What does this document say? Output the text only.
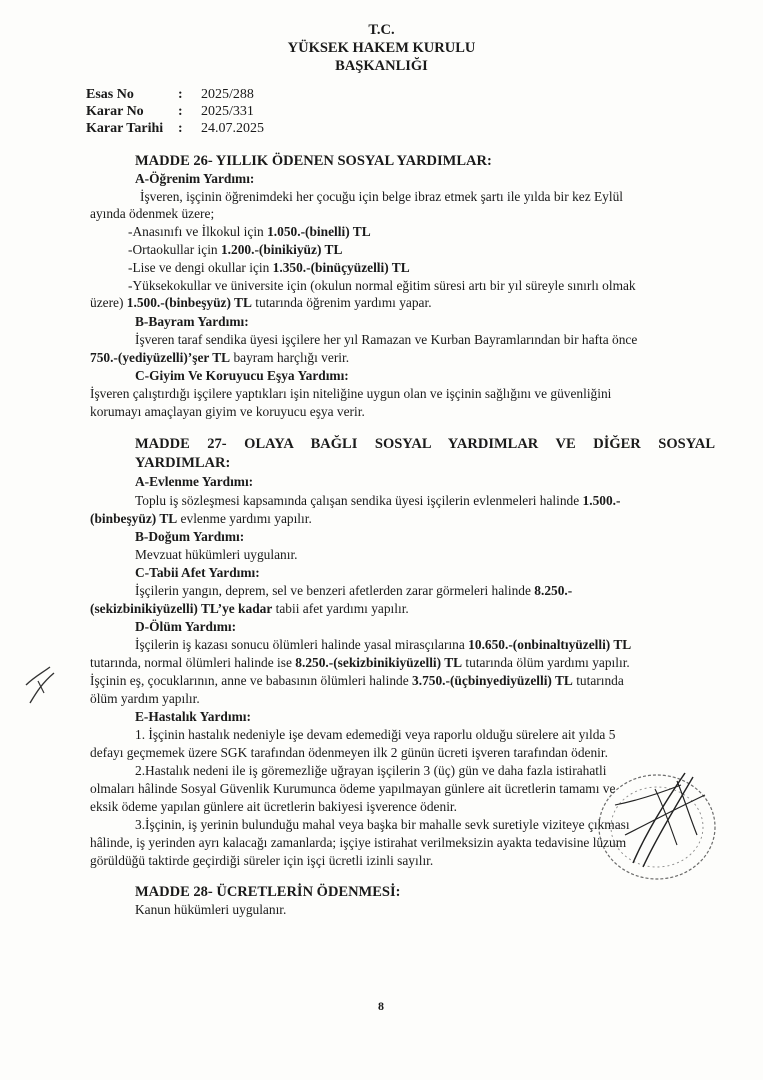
T.C.
YÜKSEK HAKEM KURULU
BAŞKANLIĞI
Esas No	: 2025/288
Karar No : 2025/331
Karar Tarihi : 24.07.2025
MADDE 26- YILLIK ÖDENEN SOSYAL YARDIMLAR:
A-Öğrenim Yardımı:
İşveren, işçinin öğrenimdeki her çocuğu için belge ibraz etmek şartı ile yılda bir kez Eylül
ayında ödenmek üzere;
-Anasınıfı ve İlkokul için 1.050.-(binelli) TL
-Ortaokullar için 1.200.-(binikiyüz) TL
-Lise ve dengi okullar için 1.350.-(binüçyüzelli) TL
-Yüksekokullar ve üniversite için (okulun normal eğitim süresi artı bir yıl süreyle sınırlı olmak
üzere) 1.500.-(binbeşyüz) TL tutarında öğrenim yardımı yapar.
B-Bayram Yardımı:
İşveren taraf sendika üyesi işçilere her yıl Ramazan ve Kurban Bayramlarından bir hafta önce
750.-(yediyüzelli)’şer TL bayram harçlığı verir.
C-Giyim Ve Koruyucu Eşya Yardımı:
İşveren çalıştırdığı işçilere yaptıkları işin niteliğine uygun olan ve işçinin sağlığını ve güvenliğini
korumayı amaçlayan giyim ve koruyucu eşya verir.
MADDE 27- OLAYA BAĞLI SOSYAL YARDIMLAR VE DİĞER SOSYAL
YARDIMLAR:
A-Evlenme Yardımı:
Toplu iş sözleşmesi kapsamında çalışan sendika üyesi işçilerin evlenmeleri halinde 1.500.-
(binbeşyüz) TL evlenme yardımı yapılır.
B-Doğum Yardımı:
Mevzuat hükümleri uygulanır.
C-Tabii Afet Yardımı:
İşçilerin yangın, deprem, sel ve benzeri afetlerden zarar görmeleri halinde 8.250.-
(sekizbinikiyüzelli) TL’ye kadar tabii afet yardımı yapılır.
D-Ölüm Yardımı:
İşçilerin iş kazası sonucu ölümleri halinde yasal mirasçılarına 10.650.-(onbinaltıyüzelli) TL
tutarında, normal ölümleri halinde ise 8.250.-(sekizbinikiyüzelli) TL tutarında ölüm yardımı yapılır.
İşçinin eş, çocuklarının, anne ve babasının ölümleri halinde 3.750.-(üçbinyediyüzelli) TL tutarında
ölüm yardım yapılır.
E-Hastalık Yardımı:
1. İşçinin hastalık nedeniyle işe devam edemediği veya raporlu olduğu sürelere ait yılda 5
defayı geçmemek üzere SGK tarafından ödenmeyen ilk 2 günün ücreti işveren tarafından ödenir.
2.Hastalık nedeni ile iş göremezliğe uğrayan işçilerin 3 (üç) gün ve daha fazla istirahatli
olmaları hâlinde Sosyal Güvenlik Kurumunca ödeme yapılmayan günlere ait ücretlerin tamamı ve
eksik ödeme yapılan günlere ait ücretlerin bakiyesi işverence ödenir.
3.İşçinin, iş yerinin bulunduğu mahal veya başka bir mahalle sevk suretiyle viziteye çıkması
hâlinde, iş yerinden ayrı kalacağı zamanlarda; işçiye istirahat verilmeksizin ayakta tedavisine lüzum
görüldüğü taktirde geçirdiği süreler için işçi ücretli izinli sayılır.
MADDE 28- ÜCRETLERİN ÖDENMESİ:
Kanun hükümleri uygulanır.
8
